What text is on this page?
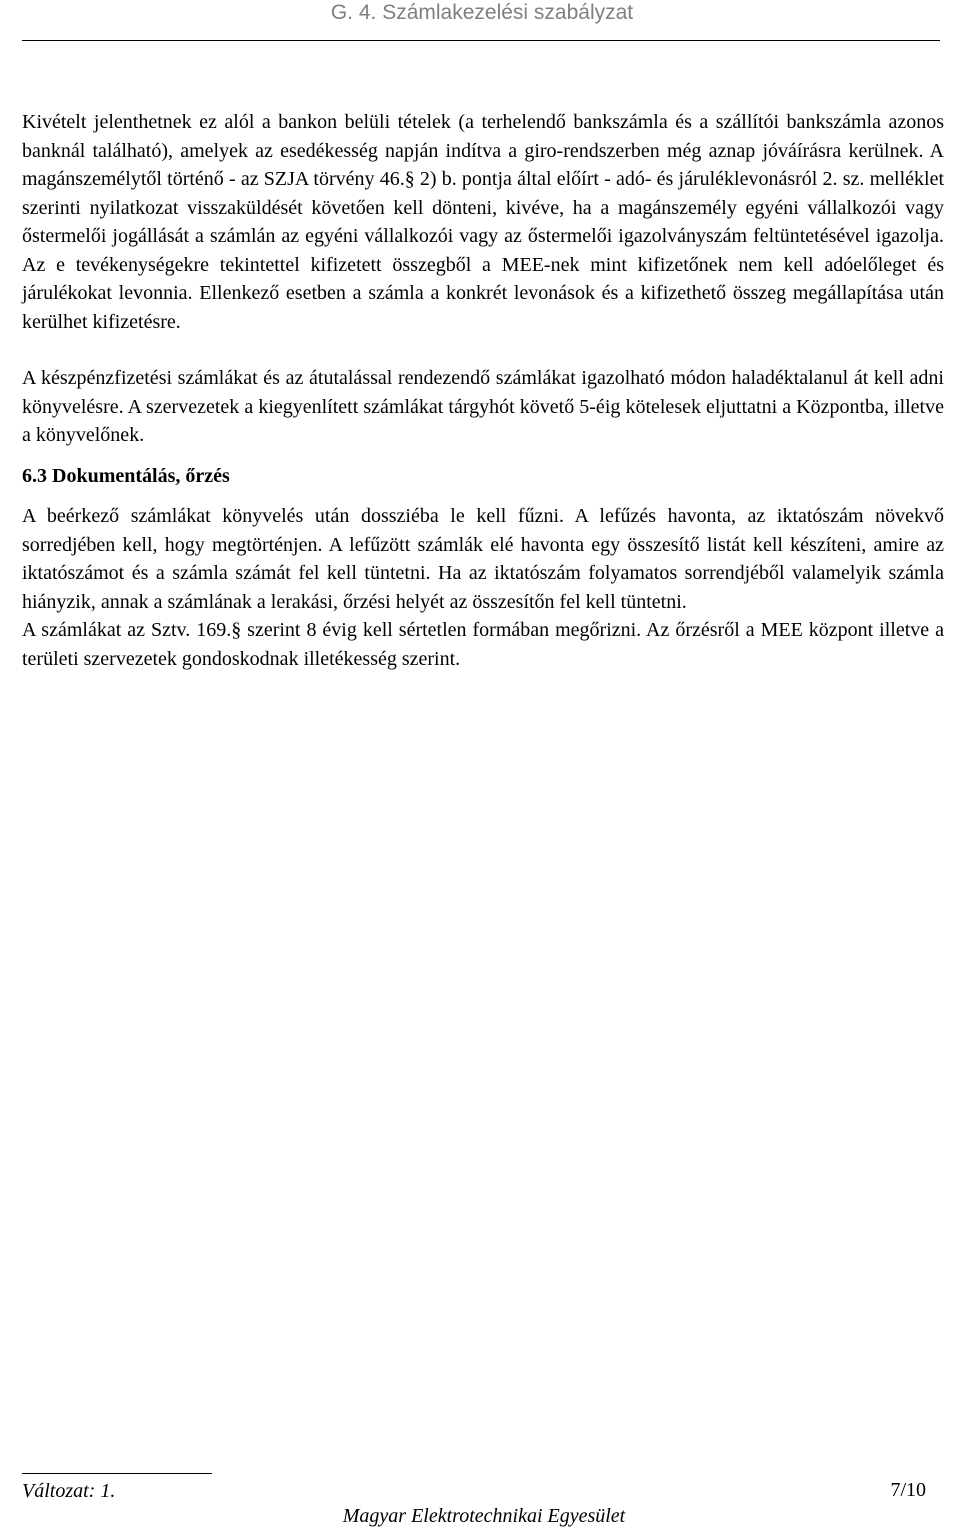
G. 4. Számlakezelési szabályzat

Kivételt jelenthetnek ez alól a bankon belüli tételek (a terhelendő bankszámla és a szállítói bankszámla azonos banknál található), amelyek az esedékesség napján indítva a giro-rendszerben még aznap jóváírásra kerülnek. A magánszemélytől történő - az SZJA törvény 46.§ 2) b. pontja által előírt - adó- és járuléklevonásról 2. sz. melléklet szerinti nyilatkozat visszaküldését követően kell dönteni, kivéve, ha a magánszemély egyéni vállalkozói vagy őstermelői jogállását a számlán az egyéni vállalkozói vagy az őstermelői igazolványszám feltüntetésével igazolja. Az e tevékenységekre tekintettel kifizetett összegből a MEE-nek mint kifizetőnek nem kell adóelőleget és járulékokat levonnia. Ellenkező esetben a számla a konkrét levonások és a kifizethető összeg megállapítása után kerülhet kifizetésre.

A készpénzfizetési számlákat és az átutalással rendezendő számlákat igazolható módon haladéktalanul át kell adni könyvelésre. A szervezetek a kiegyenlített számlákat tárgyhót követő 5-éig kötelesek eljuttatni a Központba, illetve a könyvelőnek.

6.3 Dokumentálás, őrzés

A beérkező számlákat könyvelés után dossziéba le kell fűzni. A lefűzés havonta, az iktatószám növekvő sorredjében kell, hogy megtörténjen. A lefűzött számlák elé havonta egy összesítő listát kell készíteni, amire az iktatószámot és a számla számát fel kell tüntetni. Ha az iktatószám folyamatos sorrendjéből valamelyik számla hiányzik, annak a számlának a lerakási, őrzési helyét az összesítőn fel kell tüntetni.

A számlákat az Sztv. 169.§ szerint 8 évig kell sértetlen formában megőrizni. Az őrzésről a MEE központ illetve a területi szervezetek gondoskodnak illetékesség szerint.

Változat: 1.	7/10
Magyar Elektrotechnikai Egyesület
